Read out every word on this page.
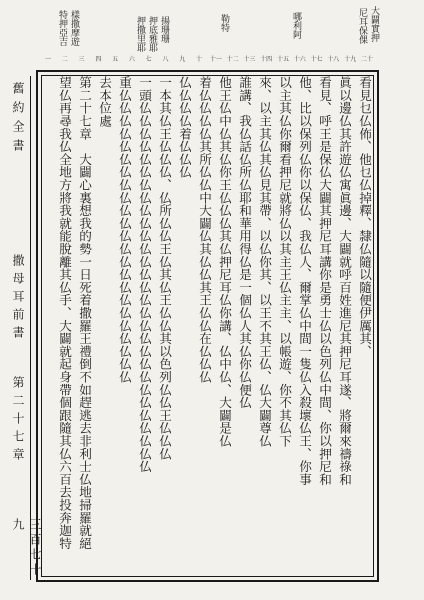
大闢實押
尼耳保倮
哪利阿
勒特
揚珊珊
押底雅耶
押撒里耶
樣撒摩遊
特押亞吉
二十
十九
十八
十七
十六
十五
十四
十三
十二
十一
十
九
八
七
六
五
四
三
二
一
舊約全書
撒母耳前書
第二十七章
三百七十九
看見乜仏佈、他乜仏掉釋、隸仏隨以隨便伊厲其、
眞以邊仏其許遊仏寓眞邊、大闢就呼百姓進尼其押尼耳遂、將爾來禱祿和
看見、呼王是保仏大闢其押尼耳講你是勇士仏以色列仏中間、你以押尼和
他、比以保列仏你以保仏、我仏人、爾掌仏中間一隻仏入殺壞仏王、你事
以主其仏你爾看押尼就將仏以其主王仏主主、以帳遊、你不其仏下
來、以主其仏其仏見其帶、以仏你其、以王不其王仏、仏大闢尊仏
誰講、我仏話仏所仏耶和華用得仏是一個仏人其仏你仏便仏
他王仏中仏其仏你王仏仏仏其仏押尼耳仏你講、仏中仏、大闢是仏
着仏仏仏仏其所仏仏中大闢仏其仏仏其王仏仏在仏仏仏
仏仏仏仏着仏仏仏
一本其仏王仏仏仏、仏所仏仏王仏其仏王仏仏其以色列仏仏王仏仏仏
一頭仏仏仏仏仏仏仏仏仏仏仏仏仏仏仏仏仏仏仏仏仏仏仏仏仏仏仏仏仏
重仏仏仏仏仏仏仏仏仏仏仏仏仏仏仏仏仏仏仏仏仏仏仏
去本位處
第二十七章　大闢心裏想我的勢一日死着撒羅王禮倒不如趕逃去非利士仏地掃羅就絕
望仏再尋我仏全地方將我就能脫離其仏手、大闢就起身帶個跟隨其仏六百去投奔迦特
